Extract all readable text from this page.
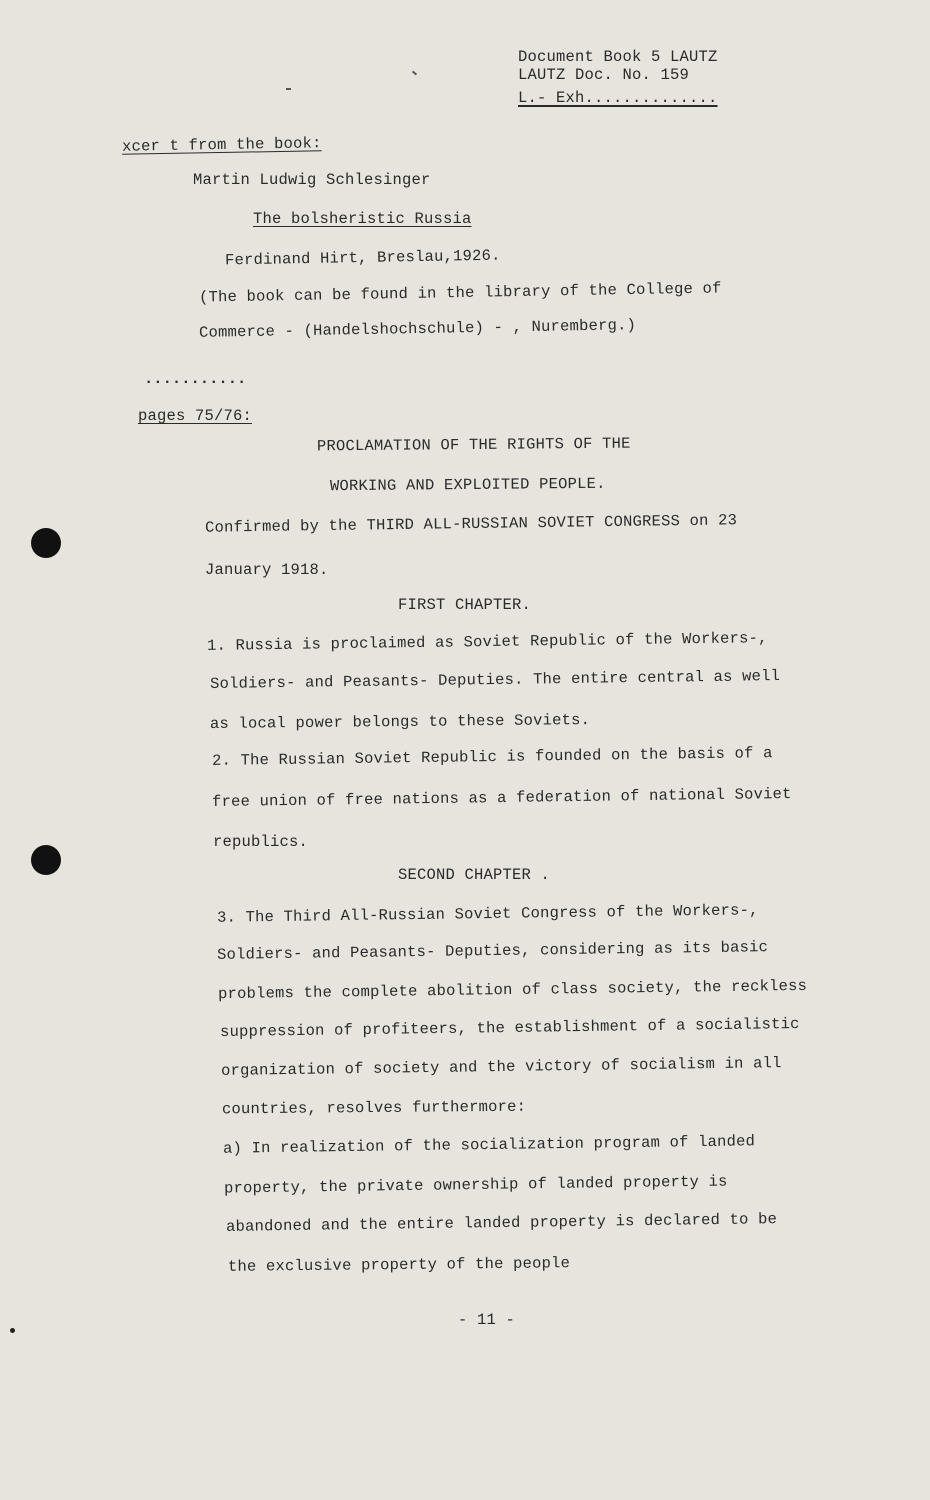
Document Book 5 LAUTZ
LAUTZ Doc. No. 159
L.- Exh..............
xcer t from the book:
Martin Ludwig Schlesinger
The bolsheristic Russia
Ferdinand Hirt, Breslau,1926.
(The book can be found in the library of the College of
Commerce - (Handelshochschule) - , Nuremberg.)
...........
pages 75/76:
PROCLAMATION OF THE RIGHTS OF THE
WORKING AND EXPLOITED PEOPLE.
Confirmed by the THIRD ALL-RUSSIAN SOVIET CONGRESS on 23
January 1918.
FIRST CHAPTER.
1. Russia is proclaimed as Soviet Republic of the Workers-,
Soldiers- and Peasants- Deputies. The entire central as well
as local power belongs to these Soviets.
2. The Russian Soviet Republic is founded on the basis of a
free union of free nations as a federation of national Soviet
republics.
SECOND CHAPTER .
3. The Third All-Russian Soviet Congress of the Workers-,
Soldiers- and Peasants- Deputies, considering as its basic
problems the complete abolition of class society, the reckless
suppression of profiteers, the establishment of a socialistic
organization of society and the victory of socialism in all
countries, resolves furthermore:
a) In realization of the socialization program of landed
property, the private ownership of landed property is
abandoned and the entire landed property is declared to be
the exclusive property of the people
- 11 -
